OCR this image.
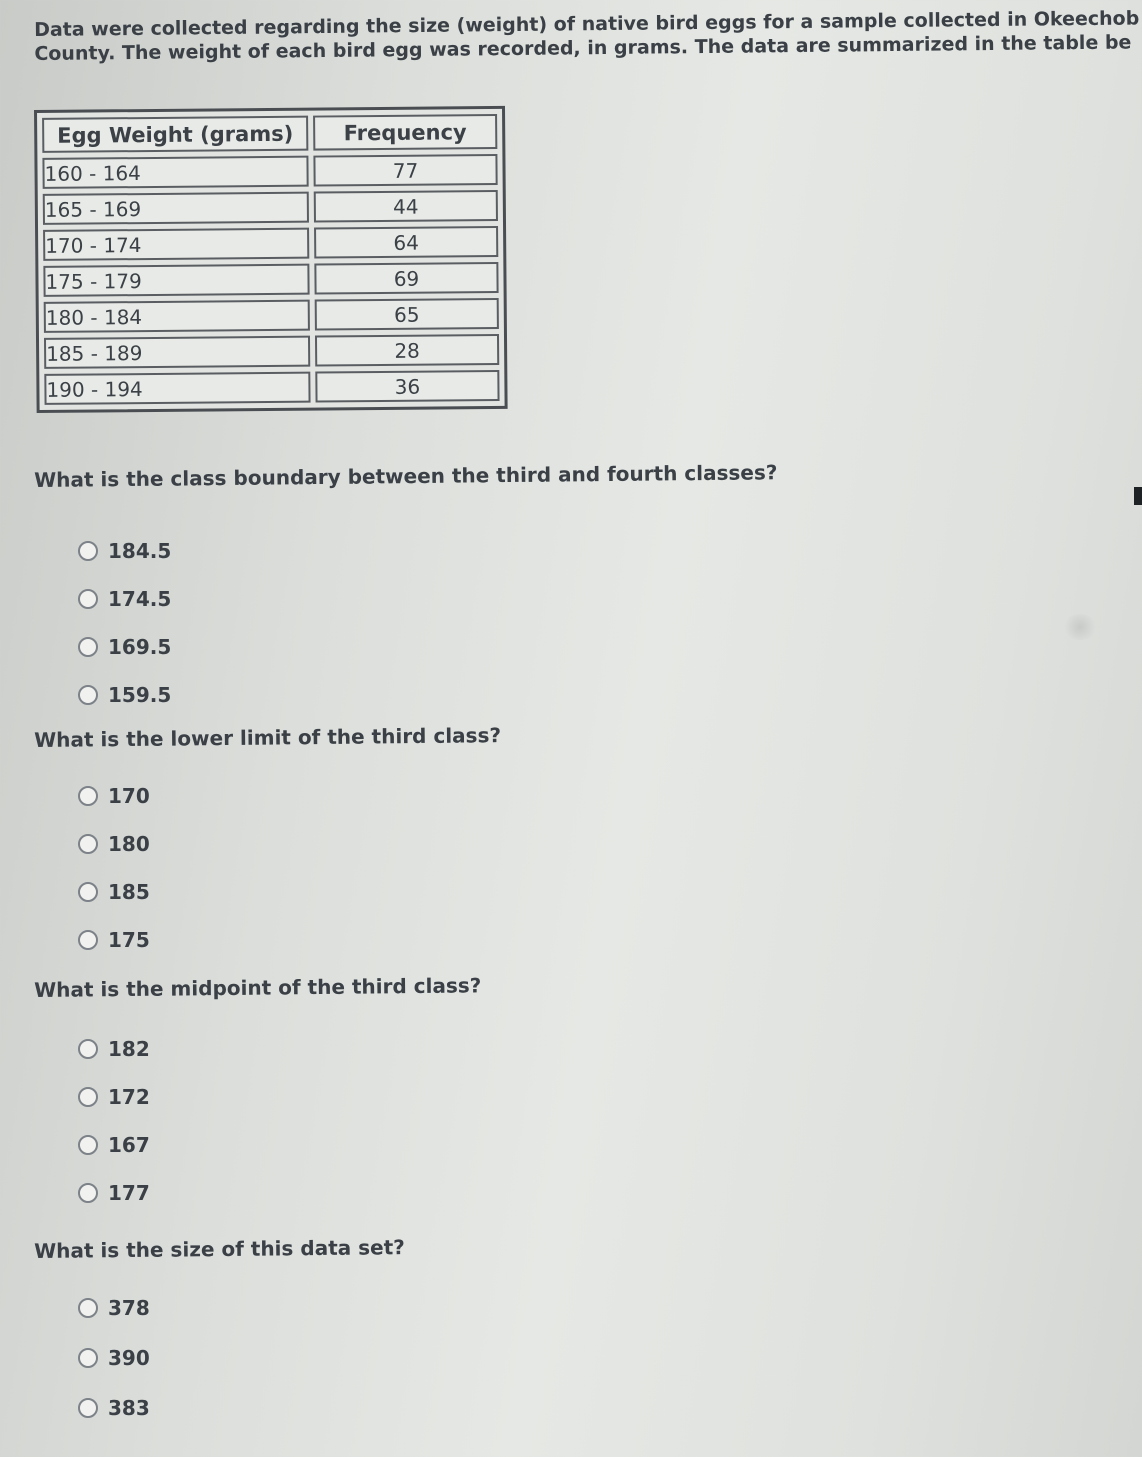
Data were collected regarding the size (weight) of native bird eggs for a sample collected in Okeechob
County. The weight of each bird egg was recorded, in grams. The data are summarized in the table be
Egg Weight (grams)	Frequency
160 - 164	77
165 - 169	44
170 - 174	64
175 - 179	69
180 - 184	65
185 - 189	28
190 - 194	36
What is the class boundary between the third and fourth classes?
184.5
174.5
169.5
159.5
What is the lower limit of the third class?
170
180
185
175
What is the midpoint of the third class?
182
172
167
177
What is the size of this data set?
378
390
383
